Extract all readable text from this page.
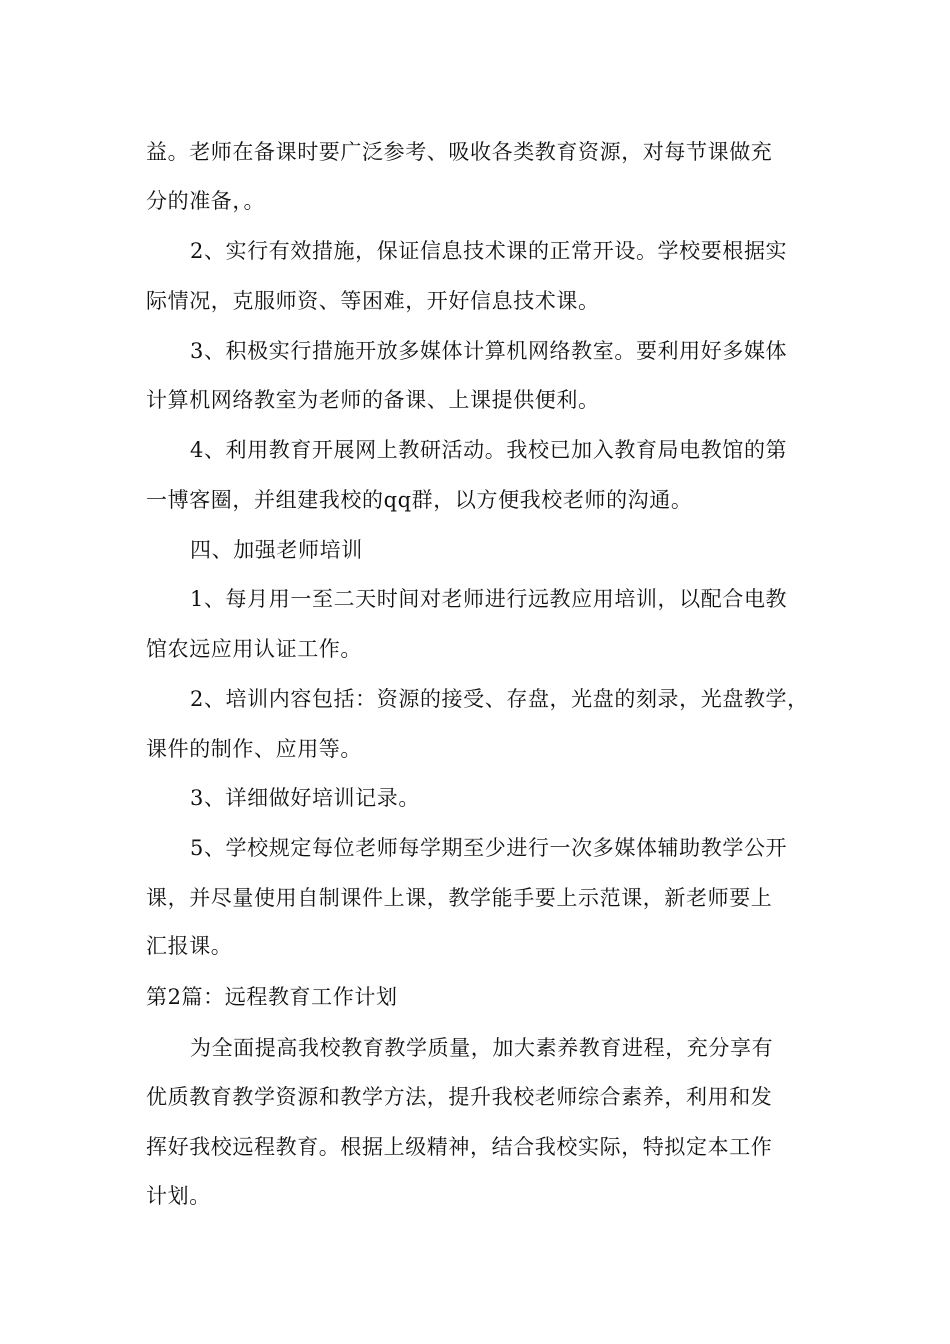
益。老师在备课时要广泛参考、吸收各类教育资源，对每节课做充
分的准备，。
2、实行有效措施，保证信息技术课的正常开设。学校要根据实
际情况，克服师资、等困难，开好信息技术课。
3、积极实行措施开放多媒体计算机网络教室。要利用好多媒体
计算机网络教室为老师的备课、上课提供便利。
4、利用教育开展网上教研活动。我校已加入教育局电教馆的第
一博客圈，并组建我校的qq群，以方便我校老师的沟通。
四、加强老师培训
1、每月用一至二天时间对老师进行远教应用培训，以配合电教
馆农远应用认证工作。
2、培训内容包括：资源的接受、存盘，光盘的刻录，光盘教学，
课件的制作、应用等。
3、详细做好培训记录。
5、学校规定每位老师每学期至少进行一次多媒体辅助教学公开
课，并尽量使用自制课件上课，教学能手要上示范课，新老师要上
汇报课。
第2篇：远程教育工作计划
为全面提高我校教育教学质量，加大素养教育进程，充分享有
优质教育教学资源和教学方法，提升我校老师综合素养，利用和发
挥好我校远程教育。根据上级精神，结合我校实际，特拟定本工作
计划。
